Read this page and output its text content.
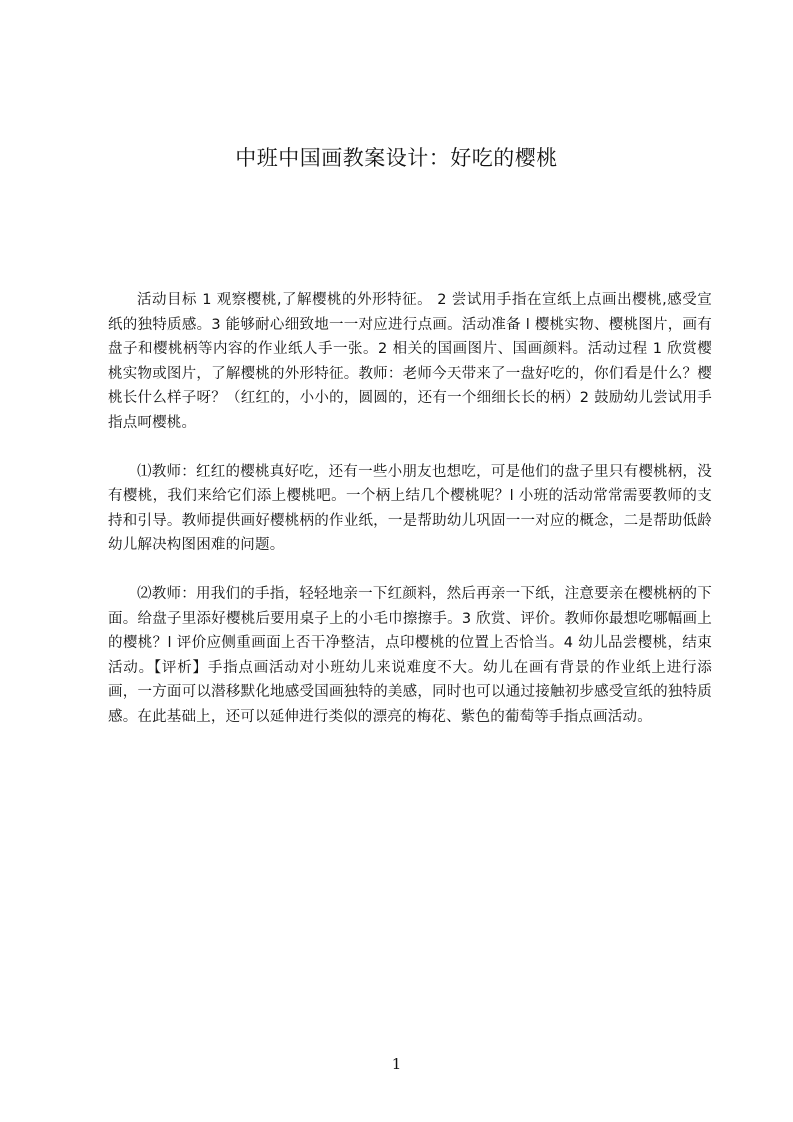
中班中国画教案设计：好吃的樱桃

活动目标 1 观察樱桃,了解樱桃的外形特征。 2 尝试用手指在宣纸上点画出樱桃,感受宣纸的独特质感。3 能够耐心细致地一一对应进行点画。活动准备 l 樱桃实物、樱桃图片，画有盘子和樱桃柄等内容的作业纸人手一张。2 相关的国画图片、国画颜料。活动过程 1 欣赏樱桃实物或图片，了解樱桃的外形特征。教师：老师今天带来了一盘好吃的，你们看是什么？樱桃长什么样子呀？（红红的，小小的，圆圆的，还有一个细细长长的柄）2 鼓励幼儿尝试用手指点呵樱桃。

⑴教师：红红的樱桃真好吃，还有一些小朋友也想吃，可是他们的盘子里只有樱桃柄，没有樱桃，我们来给它们添上樱桃吧。一个柄上结几个樱桃呢？l 小班的活动常常需要教师的支持和引导。教师提供画好樱桃柄的作业纸，一是帮助幼儿巩固一一对应的概念，二是帮助低龄幼儿解决构图困难的问题。

⑵教师：用我们的手指，轻轻地亲一下红颜料，然后再亲一下纸，注意要亲在樱桃柄的下面。给盘子里添好樱桃后要用桌子上的小毛巾擦擦手。3 欣赏、评价。教师你最想吃哪幅画上的樱桃？l 评价应侧重画面上否干净整洁，点印樱桃的位置上否恰当。4 幼儿品尝樱桃，结束活动。【评析】手指点画活动对小班幼儿来说难度不大。幼儿在画有背景的作业纸上进行添画，一方面可以潜移默化地感受国画独特的美感，同时也可以通过接触初步感受宣纸的独特质感。在此基础上，还可以延伸进行类似的漂亮的梅花、紫色的葡萄等手指点画活动。

1
